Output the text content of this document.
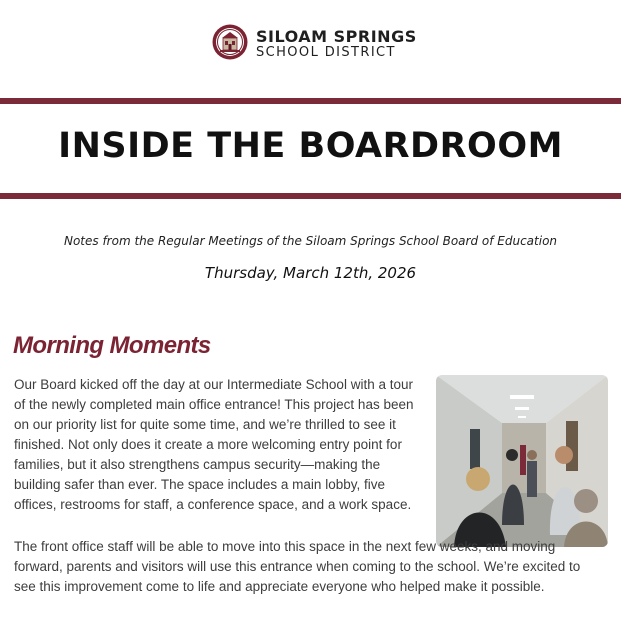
SILOAM SPRINGS
SCHOOL DISTRICT
INSIDE THE BOARDROOM
Notes from the Regular Meetings of the Siloam Springs School Board of Education
Thursday, March 12th, 2026
Morning Moments

Our Board kicked off the day at our Intermediate School with a tour of the newly completed main office entrance! This project has been on our priority list for quite some time, and we’re thrilled to see it finished. Not only does it create a more welcoming entry point for families, but it also strengthens campus security—making the building safer than ever. The space includes a main lobby, five offices, restrooms for staff, a conference space, and a work space.

The front office staff will be able to move into this space in the next few weeks, and moving forward, parents and visitors will use this entrance when coming to the school. We’re excited to see this improvement come to life and appreciate everyone who helped make it possible.
